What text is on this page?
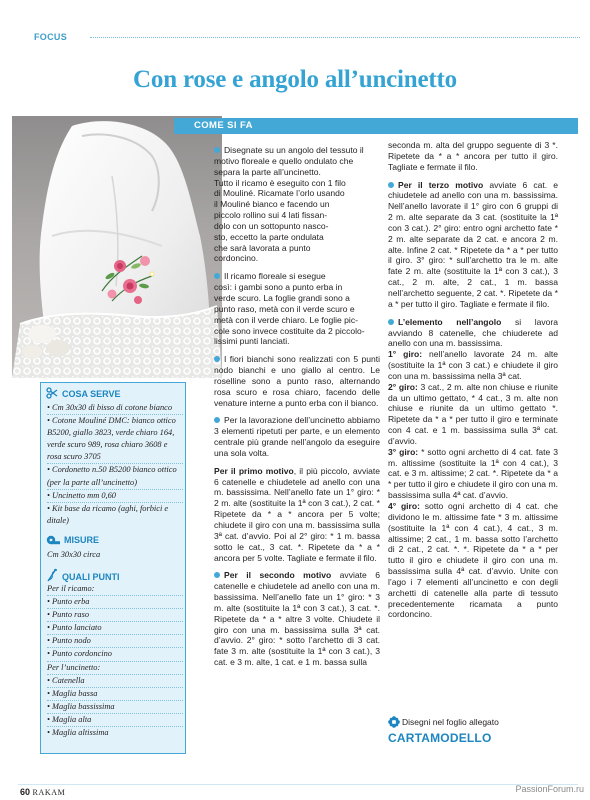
FOCUS
Con rose e angolo all’uncinetto
COME SI FA

Disegnate su un angolo del tessuto il
motivo floreale e quello ondulato che
separa la parte all’uncinetto.
Tutto il ricamo è eseguito con 1 filo
di Mouliné. Ricamate l’orlo usando
il Mouliné bianco e facendo un
piccolo rollino sui 4 lati fissan-
dolo con un sottopunto nasco-
sto, eccetto la parte ondulata
che sarà lavorata a punto
cordoncino.

Il ricamo floreale si esegue
così: i gambi sono a punto erba in
verde scuro. La foglie grandi sono a
punto raso, metà con il verde scuro e
metà con il verde chiaro. Le foglie pic-
cole sono invece costituite da 2 piccolo-
lissimi punti lanciati.

I fiori bianchi sono realizzati con 5 punti nodo bianchi e uno giallo al centro. Le roselline sono a punto raso, alternando rosa scuro e rosa chiaro, facendo delle venature interne a punto erba con il bianco.

Per la lavorazione dell’uncinetto abbiamo 3 elementi ripetuti per parte, e un elemento centrale più grande nell’angolo da eseguire una sola volta.

Per il primo motivo, il più piccolo, avviate 6 catenelle e chiudetele ad anello con una m. bassissima. Nell’anello fate un 1° giro: * 2 m. alte (sostituite la 1ª con 3 cat.), 2 cat. * Ripetete da * a * ancora per 5 volte; chiudete il giro con una m. bassissima sulla 3ª cat. d’avvio. Poi al 2° giro: * 1 m. bassa sotto le cat., 3 cat. *. Ripetete da * a * ancora per 5 volte. Tagliate e fermate il filo.

Per il secondo motivo avviate 6 catenelle e chiudetele ad anello con una m. bassissima. Nell’anello fate un 1° giro: * 3 m. alte (sostituite la 1ª con 3 cat.), 3 cat. *. Ripetete da * a * altre 3 volte. Chiudete il giro con una m. bassissima sulla 3ª cat. d’avvio. 2° giro: * sotto l’archetto di 3 cat. fate 3 m. alte (sostituite la 1ª con 3 cat.), 3 cat. e 3 m. alte, 1 cat. e 1 m. bassa sulla

seconda m. alta del gruppo seguente di 3 *. Ripetete da * a * ancora per tutto il giro. Tagliate e fermate il filo.

Per il terzo motivo avviate 6 cat. e chiudetele ad anello con una m. bassissima. Nell’anello lavorate il 1° giro con 6 gruppi di 2 m. alte separate da 3 cat. (sostituite la 1ª con 3 cat.). 2° giro: entro ogni archetto fate * 2 m. alte separate da 2 cat. e ancora 2 m. alte. Infine 2 cat. * Ripetete da * a * per tutto il giro. 3° giro: * sull’archetto tra le m. alte fate 2 m. alte (sostituite la 1ª con 3 cat.), 3 cat., 2 m. alte, 2 cat., 1 m. bassa nell’archetto seguente, 2 cat. *. Ripetete da * a * per tutto il giro. Tagliate e fermate il filo.

L’elemento nell’angolo si lavora avviando 8 catenelle, che chiuderete ad anello con una m. bassissima.

1° giro: nell’anello lavorate 24 m. alte (sostituite la 1ª con 3 cat.) e chiudete il giro con una m. bassissima nella 3ª cat.

2° giro: 3 cat., 2 m. alte non chiuse e riunite da un ultimo gettato, * 4 cat., 3 m. alte non chiuse e riunite da un ultimo gettato *. Ripetete da * a * per tutto il giro e terminate con 4 cat. e 1 m. bassissima sulla 3ª cat. d’avvio.

3° giro: * sotto ogni archetto di 4 cat. fate 3 m. altissime (sostituite la 1ª con 4 cat.), 3 cat. e 3 m. altissime; 2 cat. *. Ripetete da * a * per tutto il giro e chiudete il giro con una m. bassissima sulla 4ª cat. d’avvio.

4° giro: sotto ogni archetto di 4 cat. che dividono le m. altissime fate * 3 m. altissime (sostituite la 1ª con 4 cat.), 4 cat., 3 m. altissime; 2 cat., 1 m. bassa sotto l’archetto di 2 cat., 2 cat. *. *. Ripetete da * a * per tutto il giro e chiudete il giro con una m. bassissima sulla 4ª cat. d’avvio. Unite con l’ago i 7 elementi all’uncinetto e con degli archetti di catenelle alla parte di tessuto precedentemente ricamata a punto cordoncino.

COSA SERVE
• Cm 30x30 di bisso di cotone bianco
• Cotone Mouliné DMC: bianco ottico B5200, giallo 3823, verde chiaro 164, verde scuro 989, rosa chiaro 3608 e rosa scuro 3705
• Cordonetto n.50 B5200 bianco ottico (per la parte all’uncinetto)
• Uncinetto mm 0,60
• Kit base da ricamo (aghi, forbici e ditale)
MISURE
Cm 30x30 circa
QUALI PUNTI
Per il ricamo:
• Punto erba
• Punto raso
• Punto lanciato
• Punto nodo
• Punto cordoncino
Per l’uncinetto:
• Catenella
• Maglia bassa
• Maglia bassissima
• Maglia alta
• Maglia altissima
Disegni nel foglio allegato
CARTAMODELLO
60 RAKAM	PassionForum.ru
